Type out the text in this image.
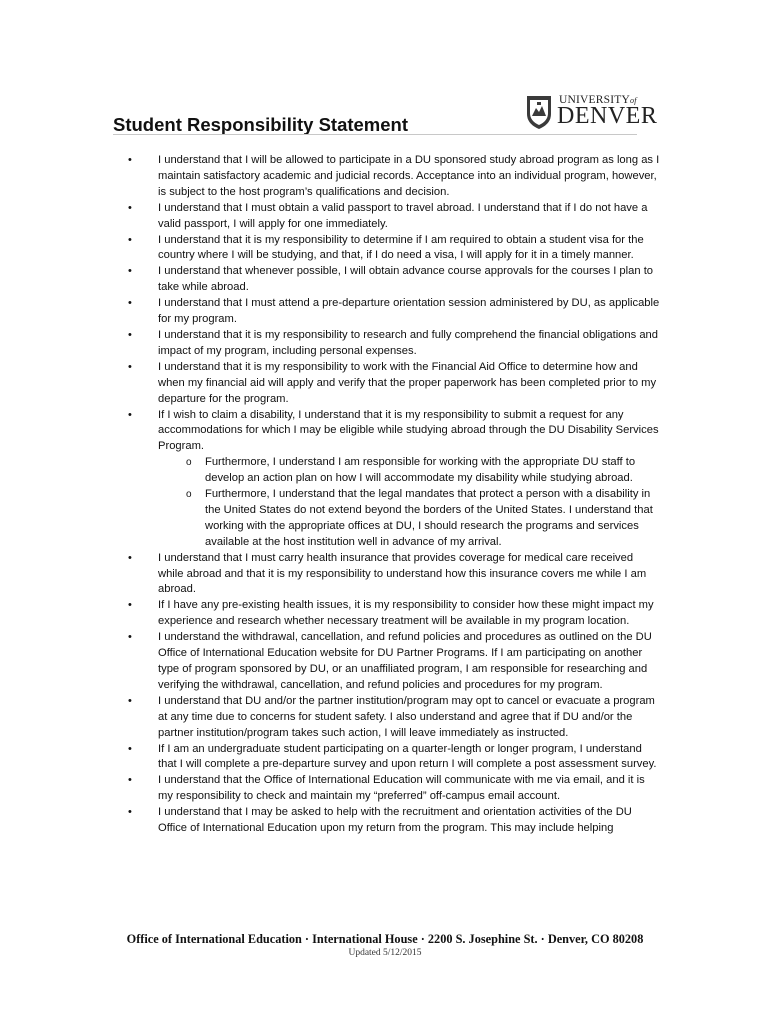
UNIVERSITYof
DENVER
Student Responsibility Statement
• I understand that I will be allowed to participate in a DU sponsored study abroad program as long as I maintain satisfactory academic and judicial records. Acceptance into an individual program, however, is subject to the host program’s qualifications and decision.
• I understand that I must obtain a valid passport to travel abroad. I understand that if I do not have a valid passport, I will apply for one immediately.
• I understand that it is my responsibility to determine if I am required to obtain a student visa for the country where I will be studying, and that, if I do need a visa, I will apply for it in a timely manner.
• I understand that whenever possible, I will obtain advance course approvals for the courses I plan to take while abroad.
• I understand that I must attend a pre-departure orientation session administered by DU, as applicable for my program.
• I understand that it is my responsibility to research and fully comprehend the financial obligations and impact of my program, including personal expenses.
• I understand that it is my responsibility to work with the Financial Aid Office to determine how and when my financial aid will apply and verify that the proper paperwork has been completed prior to my departure for the program.
• If I wish to claim a disability, I understand that it is my responsibility to submit a request for any accommodations for which I may be eligible while studying abroad through the DU Disability Services Program.
o Furthermore, I understand I am responsible for working with the appropriate DU staff to develop an action plan on how I will accommodate my disability while studying abroad.
o Furthermore, I understand that the legal mandates that protect a person with a disability in the United States do not extend beyond the borders of the United States. I understand that working with the appropriate offices at DU, I should research the programs and services available at the host institution well in advance of my arrival.
• I understand that I must carry health insurance that provides coverage for medical care received while abroad and that it is my responsibility to understand how this insurance covers me while I am abroad.
• If I have any pre-existing health issues, it is my responsibility to consider how these might impact my experience and research whether necessary treatment will be available in my program location.
• I understand the withdrawal, cancellation, and refund policies and procedures as outlined on the DU Office of International Education website for DU Partner Programs. If I am participating on another type of program sponsored by DU, or an unaffiliated program, I am responsible for researching and verifying the withdrawal, cancellation, and refund policies and procedures for my program.
• I understand that DU and/or the partner institution/program may opt to cancel or evacuate a program at any time due to concerns for student safety. I also understand and agree that if DU and/or the partner institution/program takes such action, I will leave immediately as instructed.
• If I am an undergraduate student participating on a quarter-length or longer program, I understand that I will complete a pre-departure survey and upon return I will complete a post assessment survey.
• I understand that the Office of International Education will communicate with me via email, and it is my responsibility to check and maintain my “preferred” off-campus email account.
• I understand that I may be asked to help with the recruitment and orientation activities of the DU Office of International Education upon my return from the program. This may include helping
Office of International Education · International House · 2200 S. Josephine St. · Denver, CO 80208
Updated 5/12/2015
